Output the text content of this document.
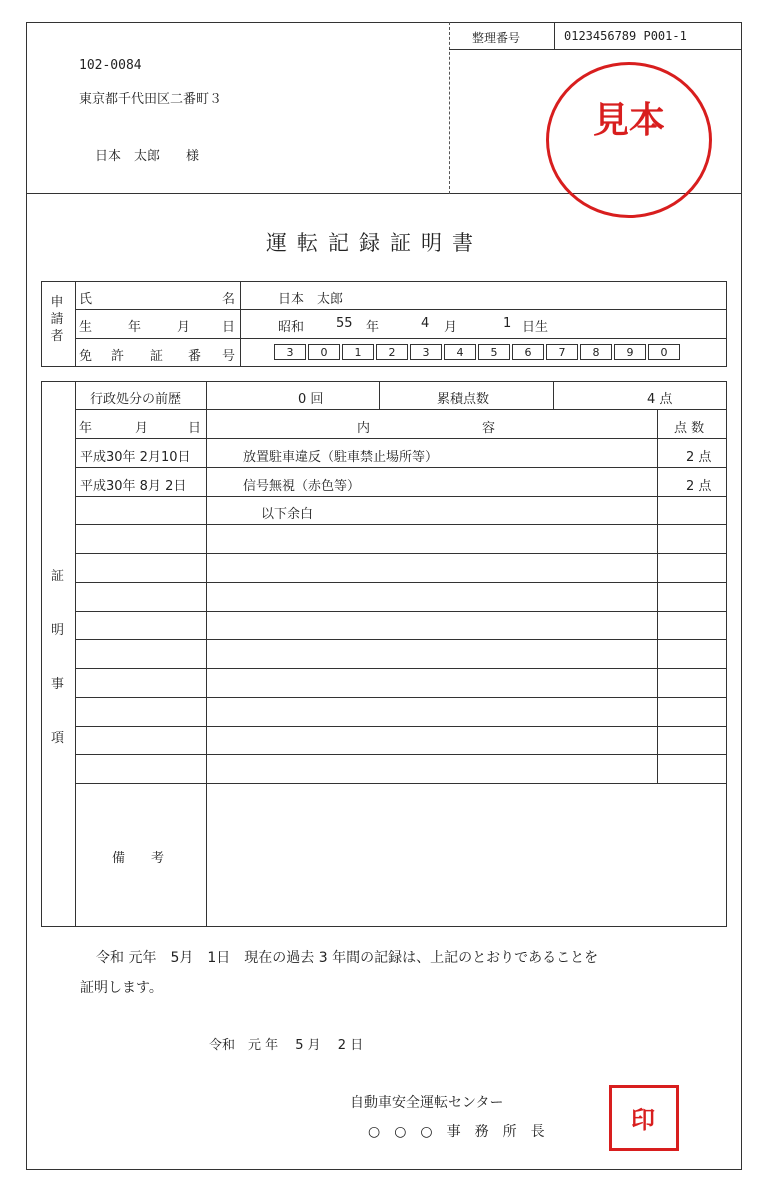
整理番号	0123456789 P001-1
102-0084
東京都千代田区二番町３
日本　太郎　　様
見本
運転記録証明書
申請者
氏	名	日本　太郎
生	年	月 日	昭和 55 年	4 月	1 日生
免 許 証 番 号	3 0 1 2 3 4 5 6 7 8 9 0
行政処分の前歴	0 回	累積点数	4 点
年	月	日	内	容	点 数
平成30年 2月10日	放置駐車違反（駐車禁止場所等）	2 点
平成30年 8月 2日	信号無視（赤色等）	2 点
以下余白
証
明
事
項
備　　考
令和 元年　5月　1日　現在の過去 3 年間の記録は、上記のとおりであることを
証明します。
令和　元 年　 5 月　 2 日
自動車安全運転センター
○　○　○　事　務　所　長	印
